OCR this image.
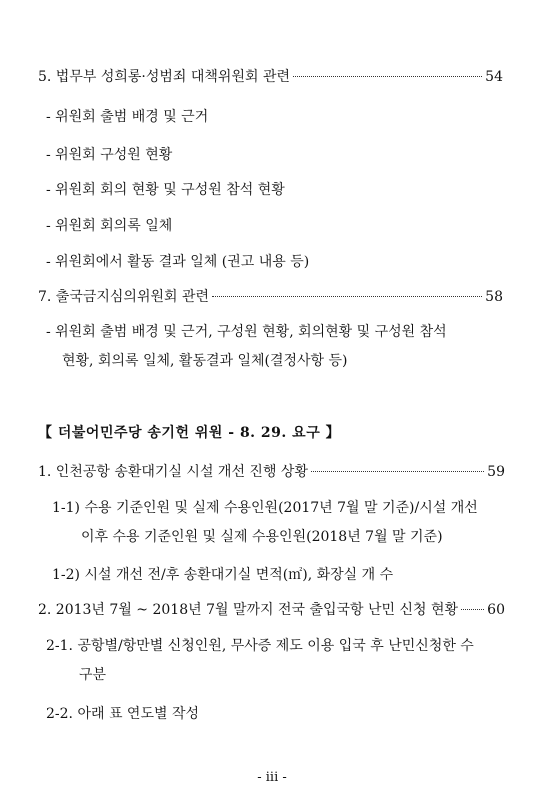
5. 법무부 성희롱·성범죄 대책위원회 관련	54
- 위원회 출범 배경 및 근거
- 위원회 구성원 현황
- 위원회 회의 현황 및 구성원 참석 현황
- 위원회 회의록 일체
- 위원회에서 활동 결과 일체 (권고 내용 등)
7. 출국금지심의위원회 관련	58
- 위원회 출범 배경 및 근거, 구성원 현황, 회의현황 및 구성원 참석
현황, 회의록 일체, 활동결과 일체(결정사항 등)
【 더불어민주당 송기헌 위원 - 8. 29. 요구 】
1. 인천공항 송환대기실 시설 개선 진행 상황	59
1-1) 수용 기준인원 및 실제 수용인원(2017년 7월 말 기준)/시설 개선
이후 수용 기준인원 및 실제 수용인원(2018년 7월 말 기준)
1-2) 시설 개선 전/후 송환대기실 면적(㎡), 화장실 개 수
2. 2013년 7월 ~ 2018년 7월 말까지 전국 출입국항 난민 신청 현황 60
2-1. 공항별/항만별 신청인원, 무사증 제도 이용 입국 후 난민신청한 수
구분
2-2. 아래 표 연도별 작성
- iii -
